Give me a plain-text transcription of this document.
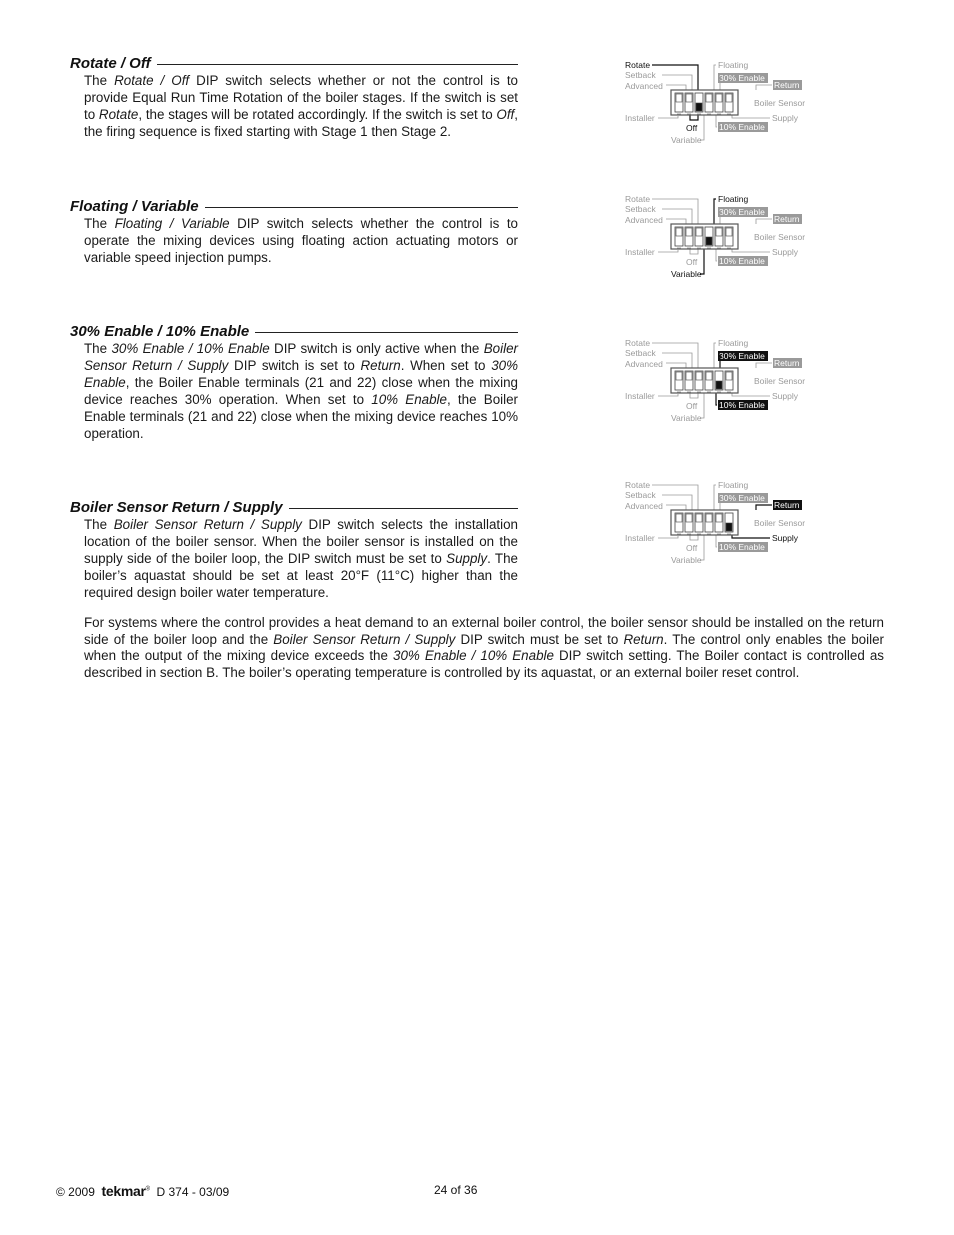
Rotate / Off

The Rotate / Off DIP switch selects whether or not the control is to provide Equal Run Time Rotation of the boiler stages. If the switch is set to Rotate, the stages will be rotated accordingly. If the switch is set to Off, the firing sequence is fixed starting with Stage 1 then Stage 2.

Floating / Variable

The Floating / Variable DIP switch selects whether the control is to operate the mixing devices using floating action actuating motors or variable speed injection pumps.

30% Enable / 10% Enable

The 30% Enable / 10% Enable DIP switch is only active when the Boiler Sensor Return / Supply DIP switch is set to Return. When set to 30% Enable, the Boiler Enable terminals (21 and 22) close when the mixing device reaches 30% operation. When set to 10% Enable, the Boiler Enable terminals (21 and 22) close when the mixing device reaches 10% operation.

Boiler Sensor Return / Supply

The Boiler Sensor Return / Supply DIP switch selects the installation location of the boiler sensor. When the boiler sensor is installed on the supply side of the boiler loop, the DIP switch must be set to Supply. The boiler’s aquastat should be set at least 20°F (11°C) higher than the required design boiler water temperature.

For systems where the control provides a heat demand to an external boiler control, the boiler sensor should be installed on the return side of the boiler loop and the Boiler Sensor Return / Supply DIP switch must be set to Return. The control only enables the boiler when the output of the mixing device exceeds the 30% Enable / 10% Enable DIP switch setting. The Boiler contact is controlled as described in section B. The boiler’s operating temperature is controlled by its aquastat, or an external boiler reset control.

Rotate
Setback
Advanced
Installer
Off
Variable
Floating
30% Enable
Return
Boiler Sensor
Supply
10% Enable
Rotate
Setback
Advanced
Installer
Off
Variable
Floating
30% Enable
Return
Boiler Sensor
Supply
10% Enable
Rotate
Setback
Advanced
Installer
Off
Variable
Floating
30% Enable
Return
Boiler Sensor
Supply
10% Enable
Rotate
Setback
Advanced
Installer
Off
Variable
Floating
30% Enable
Return
Boiler Sensor
Supply
10% Enable
© 2009 tekmar® D 374 - 03/09	24 of 36
